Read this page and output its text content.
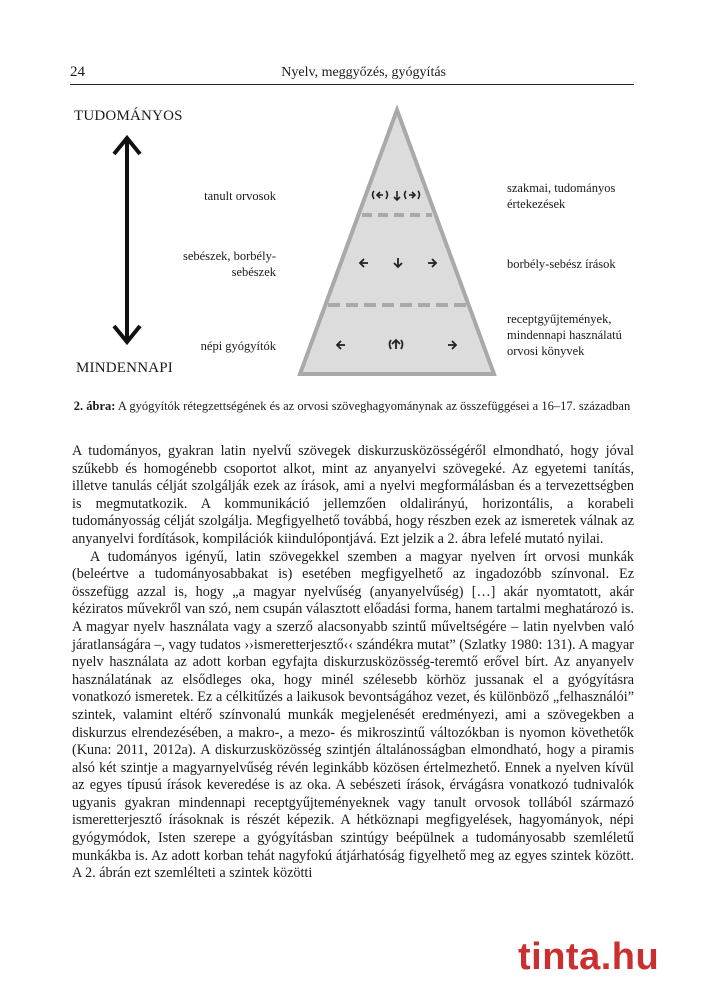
24	Nyelv, meggyőzés, gyógyítás
TUDOMÁNYOS
MINDENNAPI
tanult orvosok
sebészek, borbély-sebészek
népi gyógyítók
szakmai, tudományos értekezések
borbély-sebész írások
receptgyűjtemények, mindennapi használatú orvosi könyvek
2. ábra: A gyógyítók rétegzettségének és az orvosi szöveghagyománynak az összefüggései a 16–17. században

A tudományos, gyakran latin nyelvű szövegek diskurzusközösségéről elmondható, hogy jóval szűkebb és homogénebb csoportot alkot, mint az anyanyelvi szövegeké. Az egyetemi tanítás, illetve tanulás célját szolgálják ezek az írások, ami a nyelvi megformálásban és a tervezettségben is megmutatkozik. A kommunikáció jellemzően oldalirányú, horizontális, a korabeli tudományosság célját szolgálja. Megfigyelhető továbbá, hogy részben ezek az ismeretek válnak az anyanyelvi fordítások, kompilációk kiindulópontjává. Ezt jelzik a 2. ábra lefelé mutató nyilai.

A tudományos igényű, latin szövegekkel szemben a magyar nyelven írt orvosi munkák (beleértve a tudományosabbakat is) esetében megfigyelhető az ingadozóbb színvonal. Ez összefügg azzal is, hogy „a magyar nyelvűség (anyanyelvűség) […] akár nyomtatott, akár kéziratos művekről van szó, nem csupán választott előadási forma, hanem tartalmi meghatározó is. A magyar nyelv használata vagy a szerző alacsonyabb szintű műveltségére – latin nyelvben való járatlanságára –, vagy tudatos ››ismeretterjesztő‹‹ szándékra mutat” (Szlatky 1980: 131). A magyar nyelv használata az adott korban egyfajta diskurzusközösség-teremtő erővel bírt. Az anyanyelv használatának az elsődleges oka, hogy minél szélesebb körhöz jussanak el a gyógyításra vonatkozó ismeretek. Ez a célkitűzés a laikusok bevontságához vezet, és különböző „felhasználói” szintek, valamint eltérő színvonalú munkák megjelenését eredményezi, ami a szövegekben a diskurzus elrendezésében, a makro-, a mezo- és mikroszintű változókban is nyomon követhetők (Kuna: 2011, 2012a). A diskurzusközösség szintjén általánosságban elmondható, hogy a piramis alsó két szintje a magyarnyelvűség révén leginkább közösen értelmezhető. Ennek a nyelven kívül az egyes típusú írások keveredése is az oka. A sebészeti írások, érvágásra vonatkozó tudnivalók ugyanis gyakran mindennapi receptgyűjteményeknek vagy tanult orvosok tollából származó ismeretterjesztő írásoknak is részét képezik. A hétköznapi megfigyelések, hagyományok, népi gyógymódok, Isten szerepe a gyógyításban szintúgy beépülnek a tudományosabb szemléletű munkákba is. Az adott korban tehát nagyfokú átjárhatóság figyelhető meg az egyes szintek között. A 2. ábrán ezt szemlélteti a szintek közötti

tinta.hu
